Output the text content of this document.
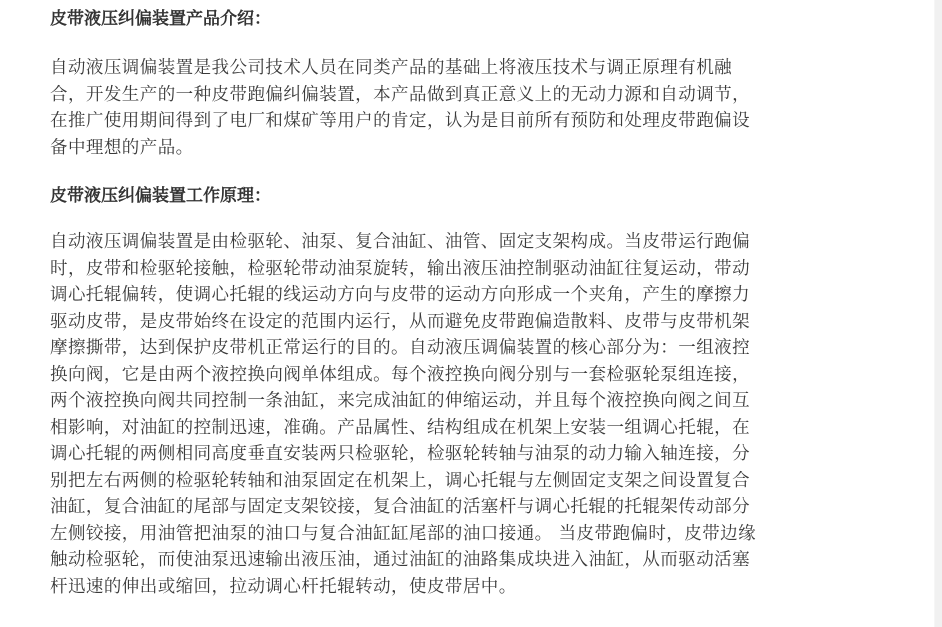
皮带液压纠偏装置产品介绍：

自动液压调偏装置是我公司技术人员在同类产品的基础上将液压技术与调正原理有机融
合，开发生产的一种皮带跑偏纠偏装置，本产品做到真正意义上的无动力源和自动调节，
在推广使用期间得到了电厂和煤矿等用户的肯定，认为是目前所有预防和处理皮带跑偏设
备中理想的产品。

皮带液压纠偏装置工作原理：

自动液压调偏装置是由检驱轮、油泵、复合油缸、油管、固定支架构成。当皮带运行跑偏
时，皮带和检驱轮接触，检驱轮带动油泵旋转，输出液压油控制驱动油缸往复运动，带动
调心托辊偏转，使调心托辊的线运动方向与皮带的运动方向形成一个夹角，产生的摩擦力
驱动皮带，是皮带始终在设定的范围内运行，从而避免皮带跑偏造散料、皮带与皮带机架
摩擦撕带，达到保护皮带机正常运行的目的。自动液压调偏装置的核心部分为：一组液控
换向阀，它是由两个液控换向阀单体组成。每个液控换向阀分别与一套检驱轮泵组连接，
两个液控换向阀共同控制一条油缸，来完成油缸的伸缩运动，并且每个液控换向阀之间互
相影响，对油缸的控制迅速，准确。产品属性、结构组成在机架上安装一组调心托辊，在
调心托辊的两侧相同高度垂直安装两只检驱轮，检驱轮转轴与油泵的动力输入轴连接，分
别把左右两侧的检驱轮转轴和油泵固定在机架上，调心托辊与左侧固定支架之间设置复合
油缸，复合油缸的尾部与固定支架铰接，复合油缸的活塞杆与调心托辊的托辊架传动部分
左侧铰接，用油管把油泵的油口与复合油缸缸尾部的油口接通。 当皮带跑偏时，皮带边缘
触动检驱轮，而使油泵迅速输出液压油，通过油缸的油路集成块进入油缸，从而驱动活塞
杆迅速的伸出或缩回，拉动调心杆托辊转动，使皮带居中。
